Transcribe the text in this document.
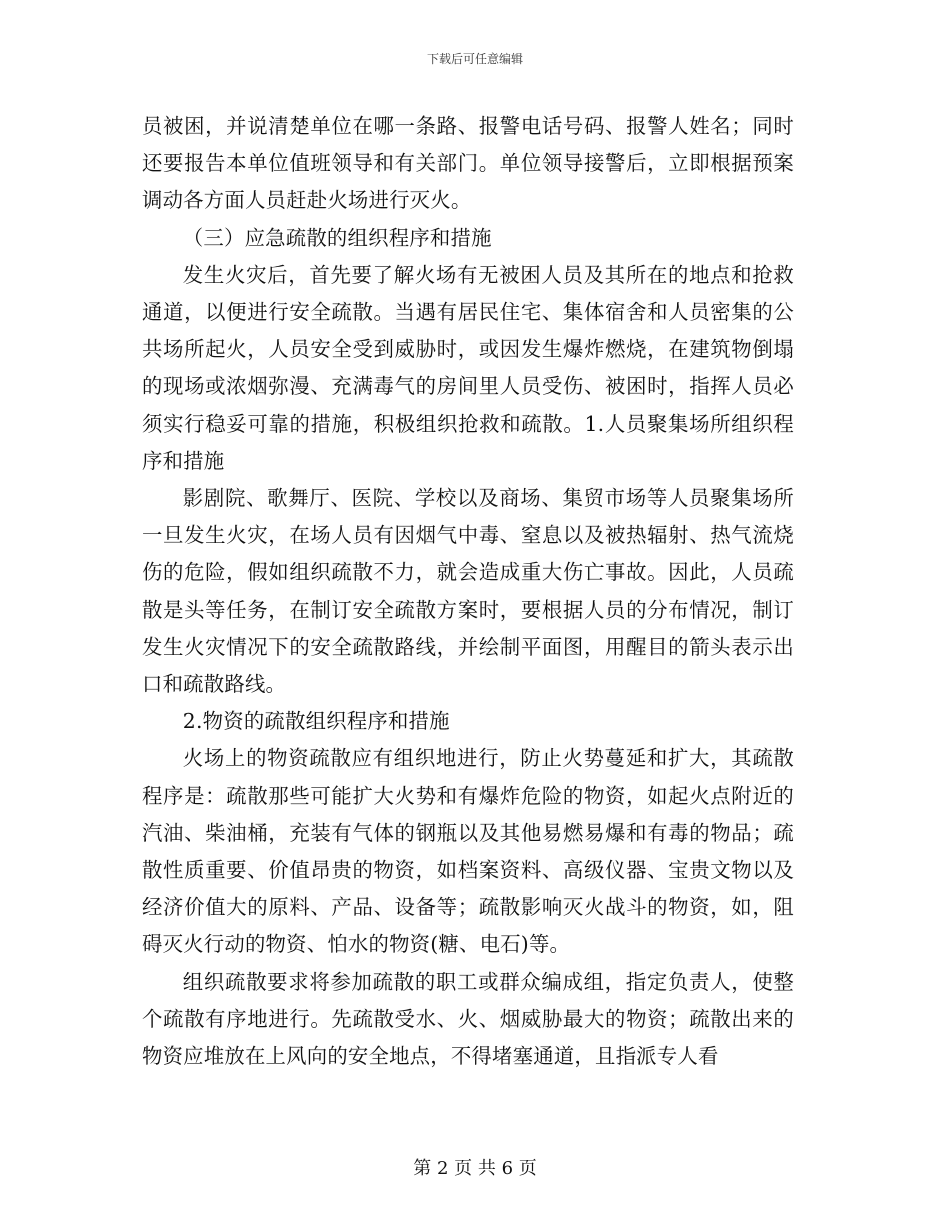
下载后可任意编辑

员被困，并说清楚单位在哪一条路、报警电话号码、报警人姓名；同时还要报告本单位值班领导和有关部门。单位领导接警后，立即根据预案调动各方面人员赶赴火场进行灭火。

（三）应急疏散的组织程序和措施

发生火灾后，首先要了解火场有无被困人员及其所在的地点和抢救通道，以便进行安全疏散。当遇有居民住宅、集体宿舍和人员密集的公共场所起火，人员安全受到威胁时，或因发生爆炸燃烧，在建筑物倒塌的现场或浓烟弥漫、充满毒气的房间里人员受伤、被困时，指挥人员必须实行稳妥可靠的措施，积极组织抢救和疏散。1.人员聚集场所组织程序和措施

影剧院、歌舞厅、医院、学校以及商场、集贸市场等人员聚集场所一旦发生火灾，在场人员有因烟气中毒、窒息以及被热辐射、热气流烧伤的危险，假如组织疏散不力，就会造成重大伤亡事故。因此，人员疏散是头等任务，在制订安全疏散方案时，要根据人员的分布情况，制订发生火灾情况下的安全疏散路线，并绘制平面图，用醒目的箭头表示出口和疏散路线。

2.物资的疏散组织程序和措施

火场上的物资疏散应有组织地进行，防止火势蔓延和扩大，其疏散程序是：疏散那些可能扩大火势和有爆炸危险的物资，如起火点附近的汽油、柴油桶，充装有气体的钢瓶以及其他易燃易爆和有毒的物品；疏散性质重要、价值昂贵的物资，如档案资料、高级仪器、宝贵文物以及经济价值大的原料、产品、设备等；疏散影响灭火战斗的物资，如，阻碍灭火行动的物资、怕水的物资(糖、电石)等。

组织疏散要求将参加疏散的职工或群众编成组，指定负责人，使整个疏散有序地进行。先疏散受水、火、烟威胁最大的物资；疏散出来的物资应堆放在上风向的安全地点，不得堵塞通道，且指派专人看

第 2 页 共 6 页
